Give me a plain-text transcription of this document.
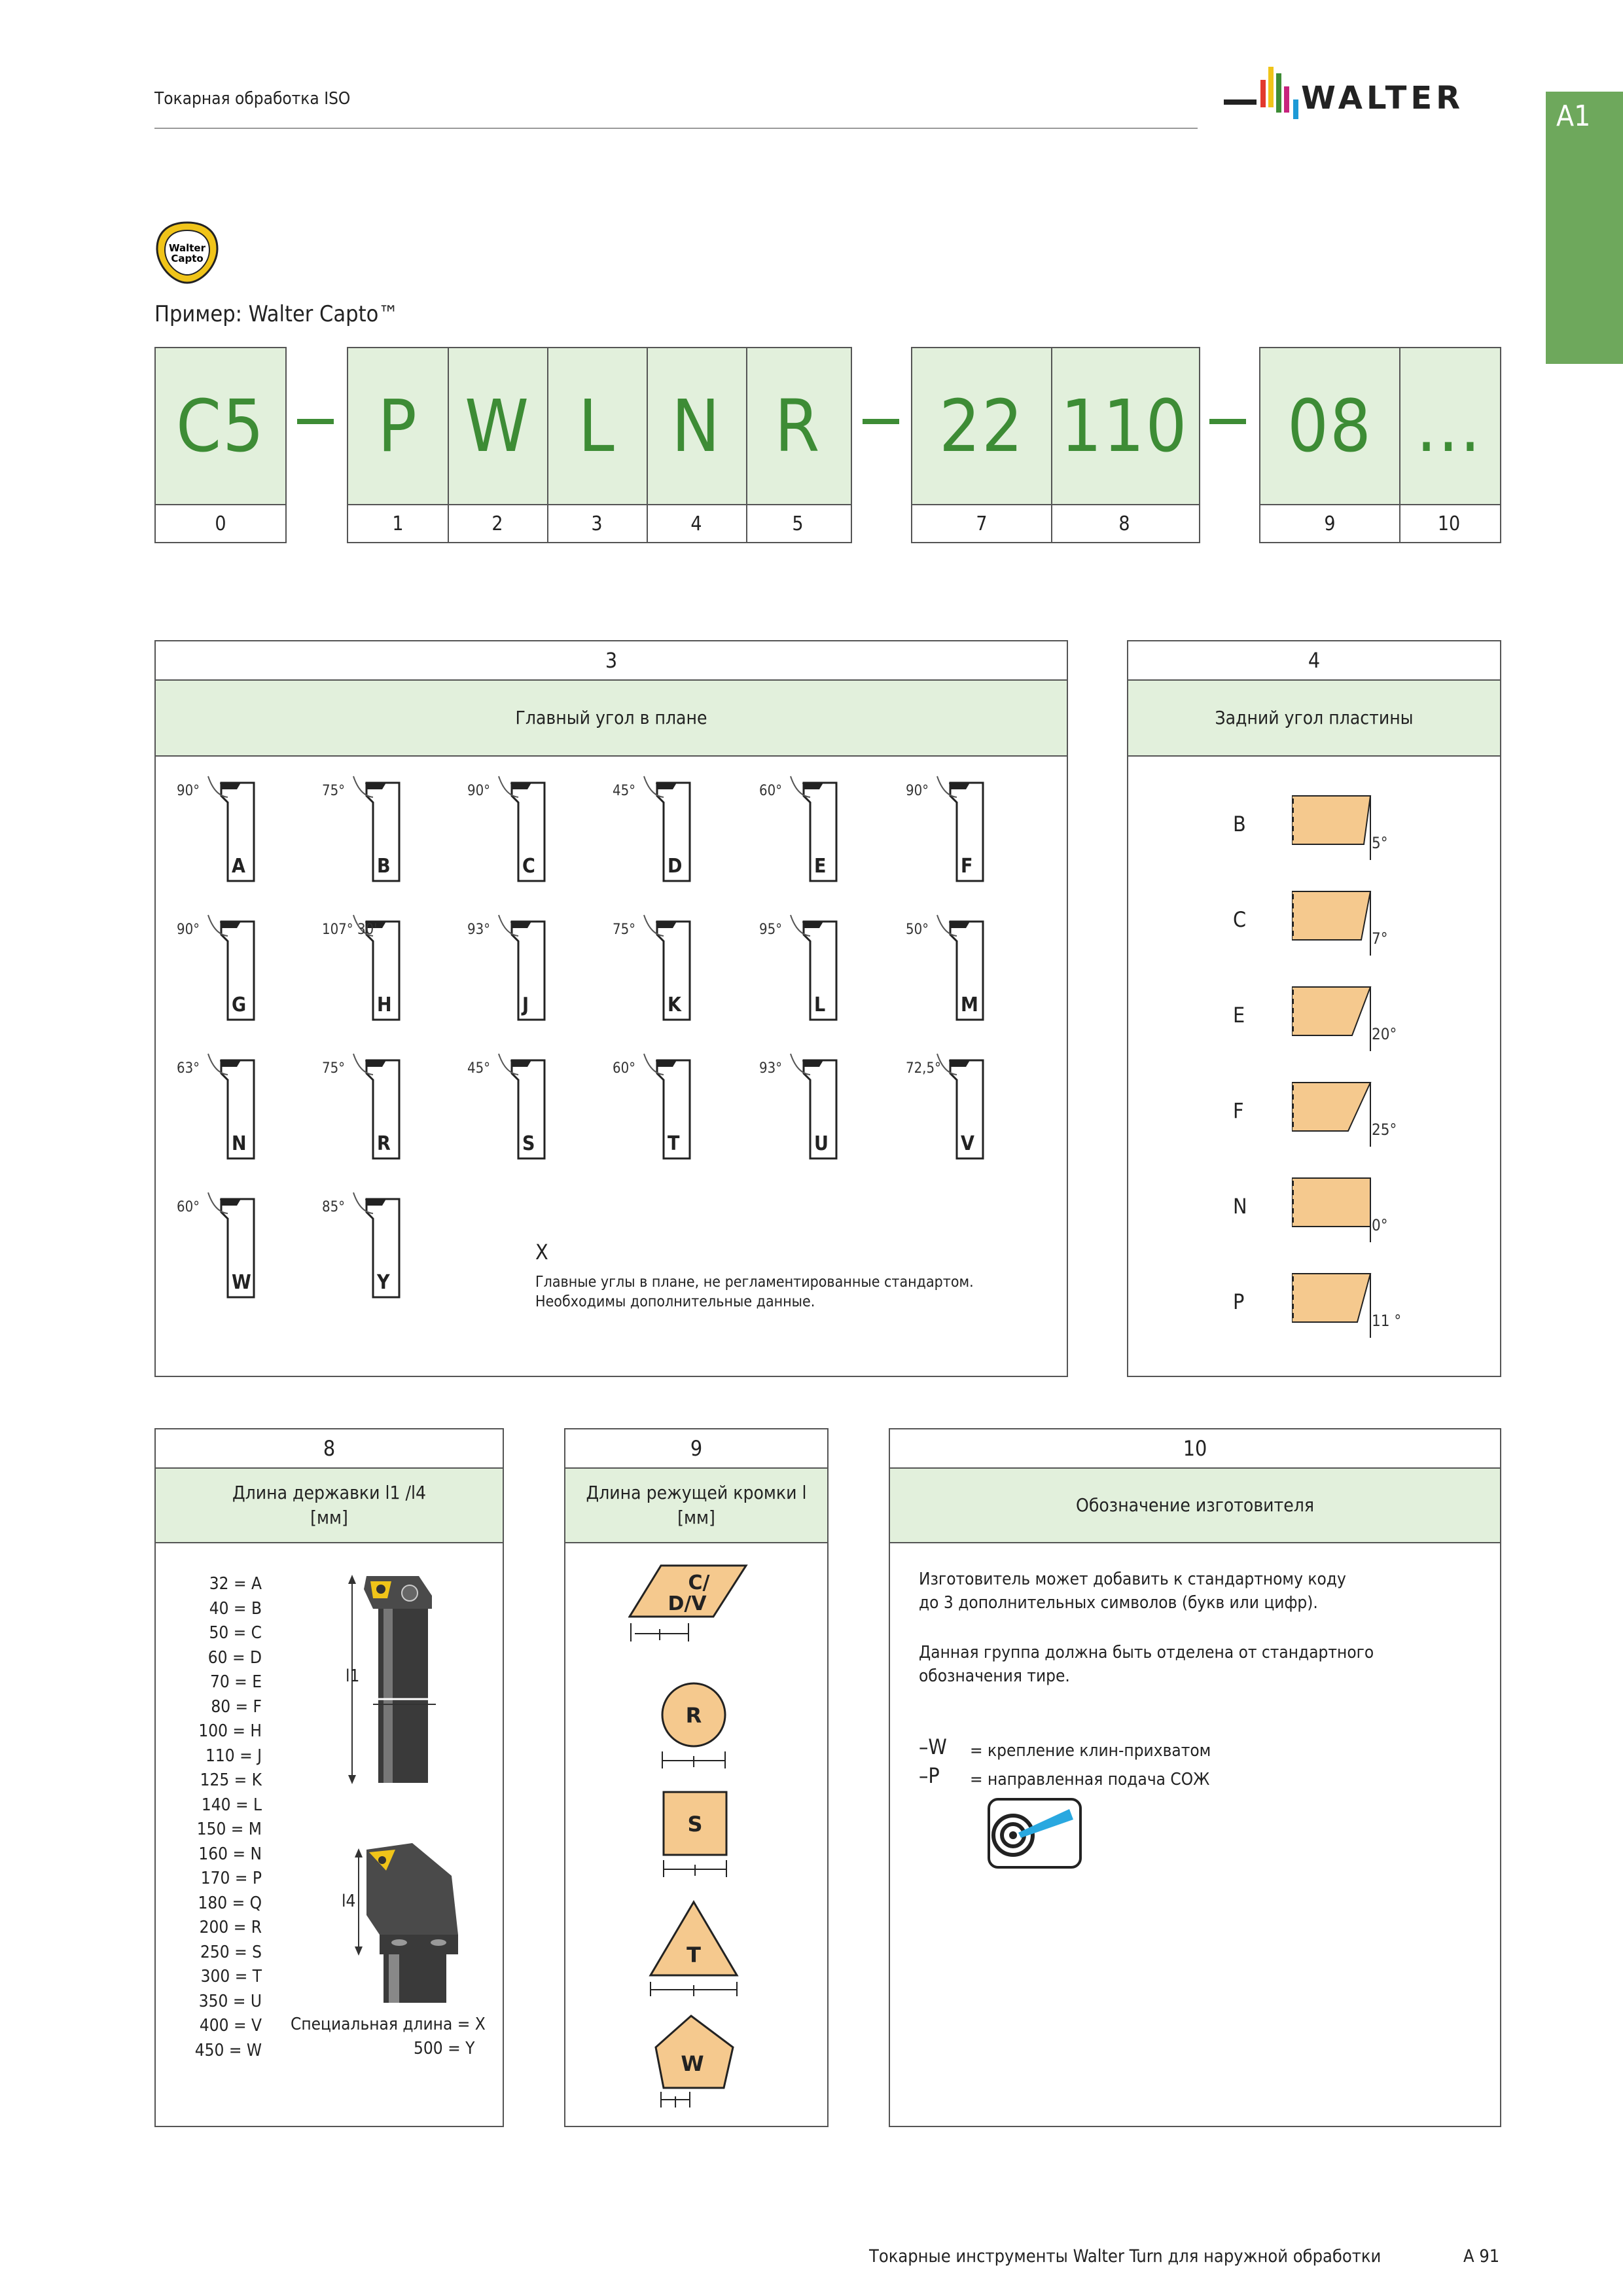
Токарная обработка ISO	WALTER	A1
Walter
Capto
Пример: Walter Capto™
C5	P W L N R	22 110	08 ...
0	1	2	3	4	5	7	8	9	10
3
Главный угол в плане
A
90°
B
75°
C
90°
D
45°
E
60°
F
90°
G
90°
H
107° 30'
J
93°
K
75°
L
95°
M
50°
N
63°
R
75°
S
45°
T
60°
U
93°
V
72,5°
W
60°
Y
85°
X
Главные углы в плане, не регламентированные стандартом.
Необходимы дополнительные данные.
4
Задний угол пластины
B
5°
C
7°
E
20°
F
25°
N
0°
P
11 °
8
Длина державки l1 /l4
[мм]
32 = A
40 = B
50 = C
60 = D
70 = E
80 = F
100 = H
110 = J
125 = K
140 = L
150 = M
160 = N
170 = P
180 = Q
200 = R
250 = S
300 = T
350 = U
400 = V
450 = W
Специальная длина = X
500 = Y
l1
l4
9
Длина режущей кромки l
[мм]
C/
D/V
l
R
l
S
l
T
l
W
l
10
Обозначение изготовителя
Изготовитель может добавить к стандартному коду
до 3 дополнительных символов (букв или цифр).
Данная группа должна быть отделена от стандартного
обозначения тире.
–W = крепление клин-прихватом
–P = направленная подача СОЖ
Токарные инструменты Walter Turn для наружной обработки	A 91
